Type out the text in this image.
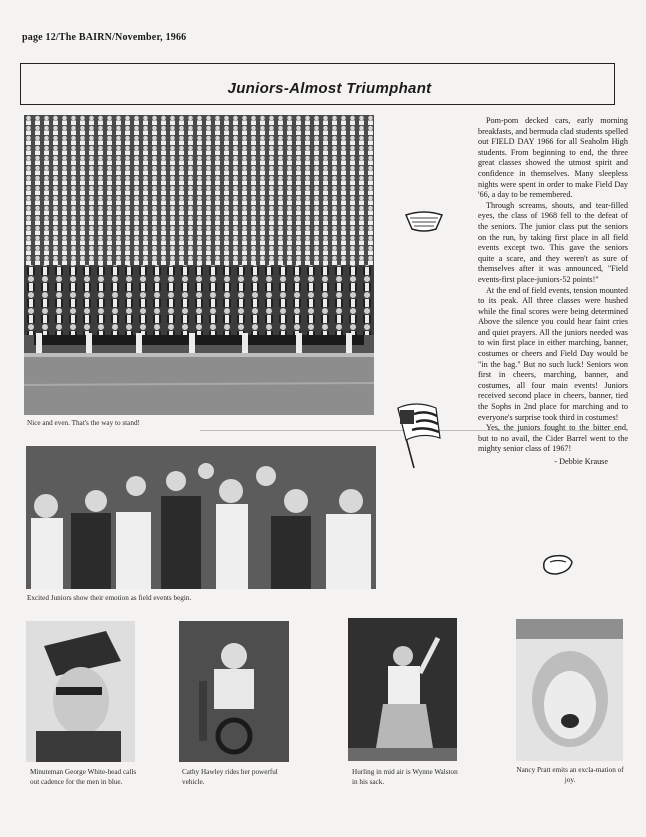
page 12/The BAIRN/November, 1966
Juniors-Almost Triumphant
Nice and even. That's the way to stand!
Excited Juniors show their emotion as field events begin.
Minuteman George White-head calls out cadence for the men in blue.
Cathy Hawley rides her powerful vehicle.
Hurling in mid air is Wynne Walston in his sack.
Nancy Pratt emits an excla-mation of joy.

Pom-pom decked cars, early morning breakfasts, and bermuda clad students spelled out FIELD DAY 1966 for all Seaholm High students. From beginning to end, the three great classes showed the utmost spirit and confidence in themselves. Many sleepless nights were spent in order to make Field Day '66, a day to be remembered.

Through screams, shouts, and tear-filled eyes, the class of 1968 fell to the defeat of the seniors. The junior class put the seniors on the run, by taking first place in all field events except two. This gave the seniors quite a scare, and they weren't as sure of themselves after it was announced, "Field events-first place-juniors-52 points!"

At the end of field events, tension mounted to its peak. All three classes were hushed while the final scores were being determined Above the silence you could hear faint cries and quiet prayers. All the juniors needed was to win first place in either marching, banner, costumes or cheers and Field Day would be "in the bag." But no such luck! Seniors won first in cheers, marching, banner, and costumes, all four main events! Juniors received second place in cheers, banner, tied the Sophs in 2nd place for marching and to everyone's surprise took third in costumes!

Yes, the juniors fought to the bitter end, but to no avail, the Cider Barrel went to the mighty senior class of 1967!

- Debbie Krause
